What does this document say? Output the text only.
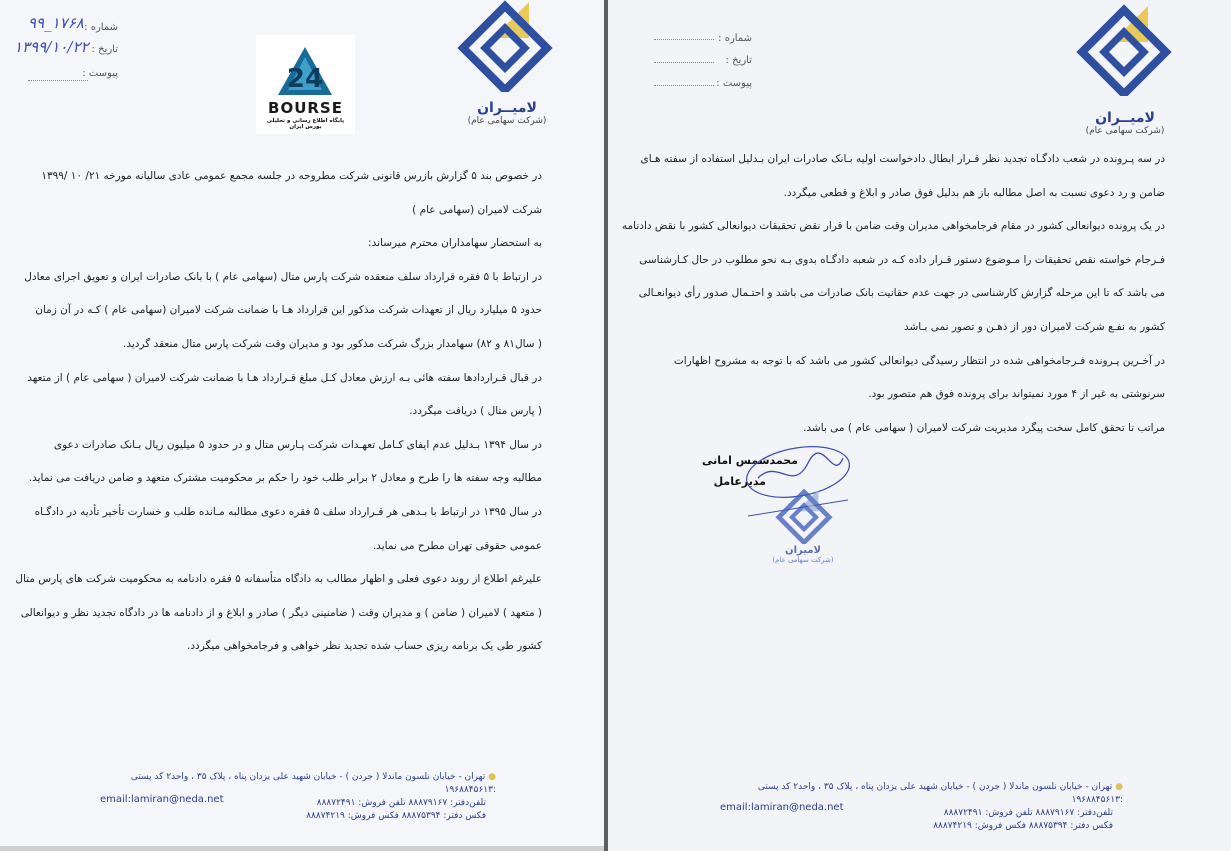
شماره :
تاریخ :
پیوست :
۹۹_۱۷۶۸
۱۳۹۹/۱۰/۲۲
24
BOURSE
پایگاه اطلاع رسانی و تحلیلی بورس ایران
لامیــران
(شرکت سهامی عام)

در خصوص بند ۵ گزارش بازرس قانونی شرکت مطروحه در جلسه مجمع عمومی عادی سالیانه مورخه ۲۱/ ۱۰ /۱۳۹۹

شرکت لامیران (سهامی عام )

به استحضار سهامداران محترم میرساند:

در ارتباط با ۵ فقره قرارداد سلف منعقده شرکت پارس متال (سهامی عام ) با بانک صادرات ایران و تعویق اجرای معادل

حدود ۵ میلیارد ریال از تعهدات شرکت مذکور این قرارداد هـا با ضمانت شرکت لامیران (سهامی عام ) کـه در آن زمان

( سال۸۱ و ۸۲) سهامدار بزرگ شرکت مذکور بود و مدیران وقت شرکت پارس متال منعقد گردید.

در قبال قـراردادها سفته هائی بـه ارزش معادل کـل مبلغ قـرارداد هـا با ضمانت شرکت لامیران ( سهامی عام ) از متعهد

( پارس متال ) دریافت میگردد.

در سال ۱۳۹۴ بـدلیل عدم ایفای کـامل تعهـدات شرکت پـارس متال و در حدود ۵ میلیون ریال بـانک صادرات دعوی

مطالبه وجه سفته ها را طرح و معادل ۲ برابر طلب خود را حکم بر محکومیت مشترک متعهد و ضامن دریافت می نماید.

در سال ۱۳۹۵ در ارتباط با بـدهی هر قـرارداد سلف ۵ فقره دعوی مطالبه مـانده طلب و خسارت تأخیر تأدیه در دادگـاه

عمومی حقوقی تهران مطرح می نماید.

علیرغم اطلاع از روند دعوی فعلی و اظهار مطالب به دادگاه متأسفانه ۵ فقره دادنامه به محکومیت شرکت های پارس متال

( متعهد ) لامیران ( ضامن ) و مدیران وقت ( ضامنینی دیگر ) صادر و ابلاغ و از دادنامه ها در دادگاه تجدید نظر و دیوانعالی

کشور طی یک برنامه ریزی حساب شده تجدید نظر خواهی و فرجامخواهی میگردد.

● تهران - خیابان نلسون ماندلا ( جردن ) - خیابان شهید علی یزدان پناه ، پلاک ۳۵ ، واحد۲ کد پستی :۱۹۶۸۸۴۵۶۱۳
تلفن‌دفتر: ۸۸۸۷۹۱۶۷ تلفن فروش: ۸۸۸۷۲۴۹۱
فکس دفتر: ۸۸۸۷۵۳۹۴ فکس فروش: ۸۸۸۷۴۲۱۹
email:lamiran@neda.net
شماره :
تاریخ :
پیوست :
لامیــران
(شرکت سهامی عام)

در سه پـرونده در شعب دادگـاه تجدید نظر قـرار ابطال دادخواست اولیه بـانک صادرات ایران بـدلیل استفاده از سفته هـای

ضامن و رد دعوی نسبت به اصل مطالبه باز هم بدلیل فوق صادر و ابلاغ و قطعی میگردد.

در یک پرونده دیوانعالی کشور در مقام فرجامخواهی مدیران وقت ضامن با قرار نقض تحقیقات دیوانعالی کشور با نقض دادنامه

فـرجام خواسته نقص تحقیقات را مـوضوع دستور قـرار داده کـه در شعبه دادگـاه بدوی بـه نحو مطلوب در حال کـارشناسی

می باشد که تا این مرحله گزارش کارشناسی در جهت عدم حقانیت بانک صادرات می باشد و احتـمال صدور رأی دیوانعـالی

کشور به نفـع شرکت لامیران دور از ذهـن و تصور نمی بـاشد

در آخـرین پـرونده فـرجامخواهی شده در انتظار رسیدگی دیوانعالی کشور می باشد که با توجه به مشروح اظهارات

سرنوشتی به غیر از ۴ مورد نمیتواند برای پرونده فوق هم متصور بود.

مراتب تا تحقق کامل سخت پیگرد مدیریت شرکت لامیران ( سهامی عام ) می باشد.

محمدشمس امانی
مدیرعامل
لامیران
(شرکت سهامی عام)
● تهران - خیابان نلسون ماندلا ( جردن ) - خیابان شهید علی یزدان پناه ، پلاک ۳۵ ، واحد۲ کد پستی :۱۹۶۸۸۴۵۶۱۳
تلفن‌دفتر: ۸۸۸۷۹۱۶۷ تلفن فروش: ۸۸۸۷۲۴۹۱
فکس دفتر: ۸۸۸۷۵۳۹۴ فکس فروش: ۸۸۸۷۴۲۱۹
email:lamiran@neda.net
